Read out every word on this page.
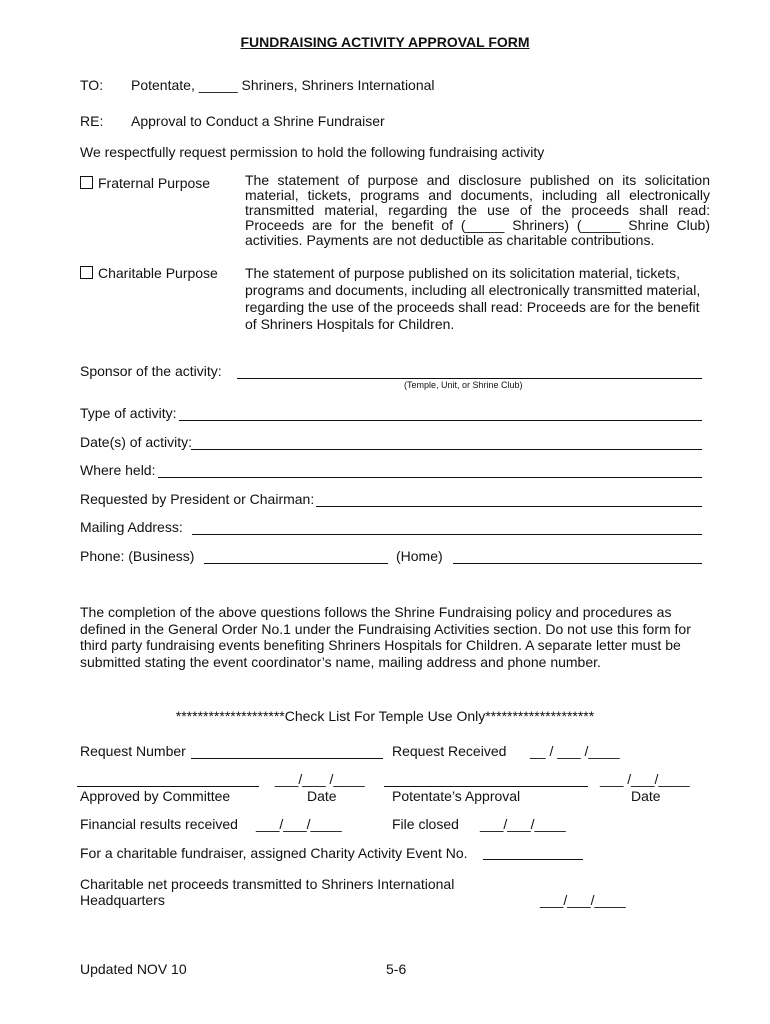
FUNDRAISING ACTIVITY APPROVAL FORM
TO: Potentate, _____ Shriners, Shriners International
RE: Approval to Conduct a Shrine Fundraiser
We respectfully request permission to hold the following fundraising activity
Fraternal Purpose The statement of purpose and disclosure published on its solicitation material, tickets, programs and documents, including all electronically transmitted material, regarding the use of the proceeds shall read: Proceeds are for the benefit of (_____ Shriners) (_____ Shrine Club) activities. Payments are not deductible as charitable contributions.
Charitable Purpose The statement of purpose published on its solicitation material, tickets, programs and documents, including all electronically transmitted material, regarding the use of the proceeds shall read: Proceeds are for the benefit of Shriners Hospitals for Children.
Sponsor of the activity:
(Temple, Unit, or Shrine Club)
Type of activity:
Date(s) of activity:
Where held:
Requested by President or Chairman:
Mailing Address:
Phone: (Business)	(Home)
The completion of the above questions follows the Shrine Fundraising policy and procedures as defined in the General Order No.1 under the Fundraising Activities section. Do not use this form for third party fundraising events benefiting Shriners Hospitals for Children. A separate letter must be submitted stating the event coordinator’s name, mailing address and phone number.
********************Check List For Temple Use Only********************
Request Number	Request Received __ / ___ /____
___/___ /____	___ /___/____
Approved by Committee	Date	Potentate’s Approval	Date
Financial results received ___/___/____	File closed ___/___/____
For a charitable fundraiser, assigned Charity Activity Event No.
Charitable net proceeds transmitted to Shriners International
Headquarters	___/___/____
Updated NOV 10	5-6
